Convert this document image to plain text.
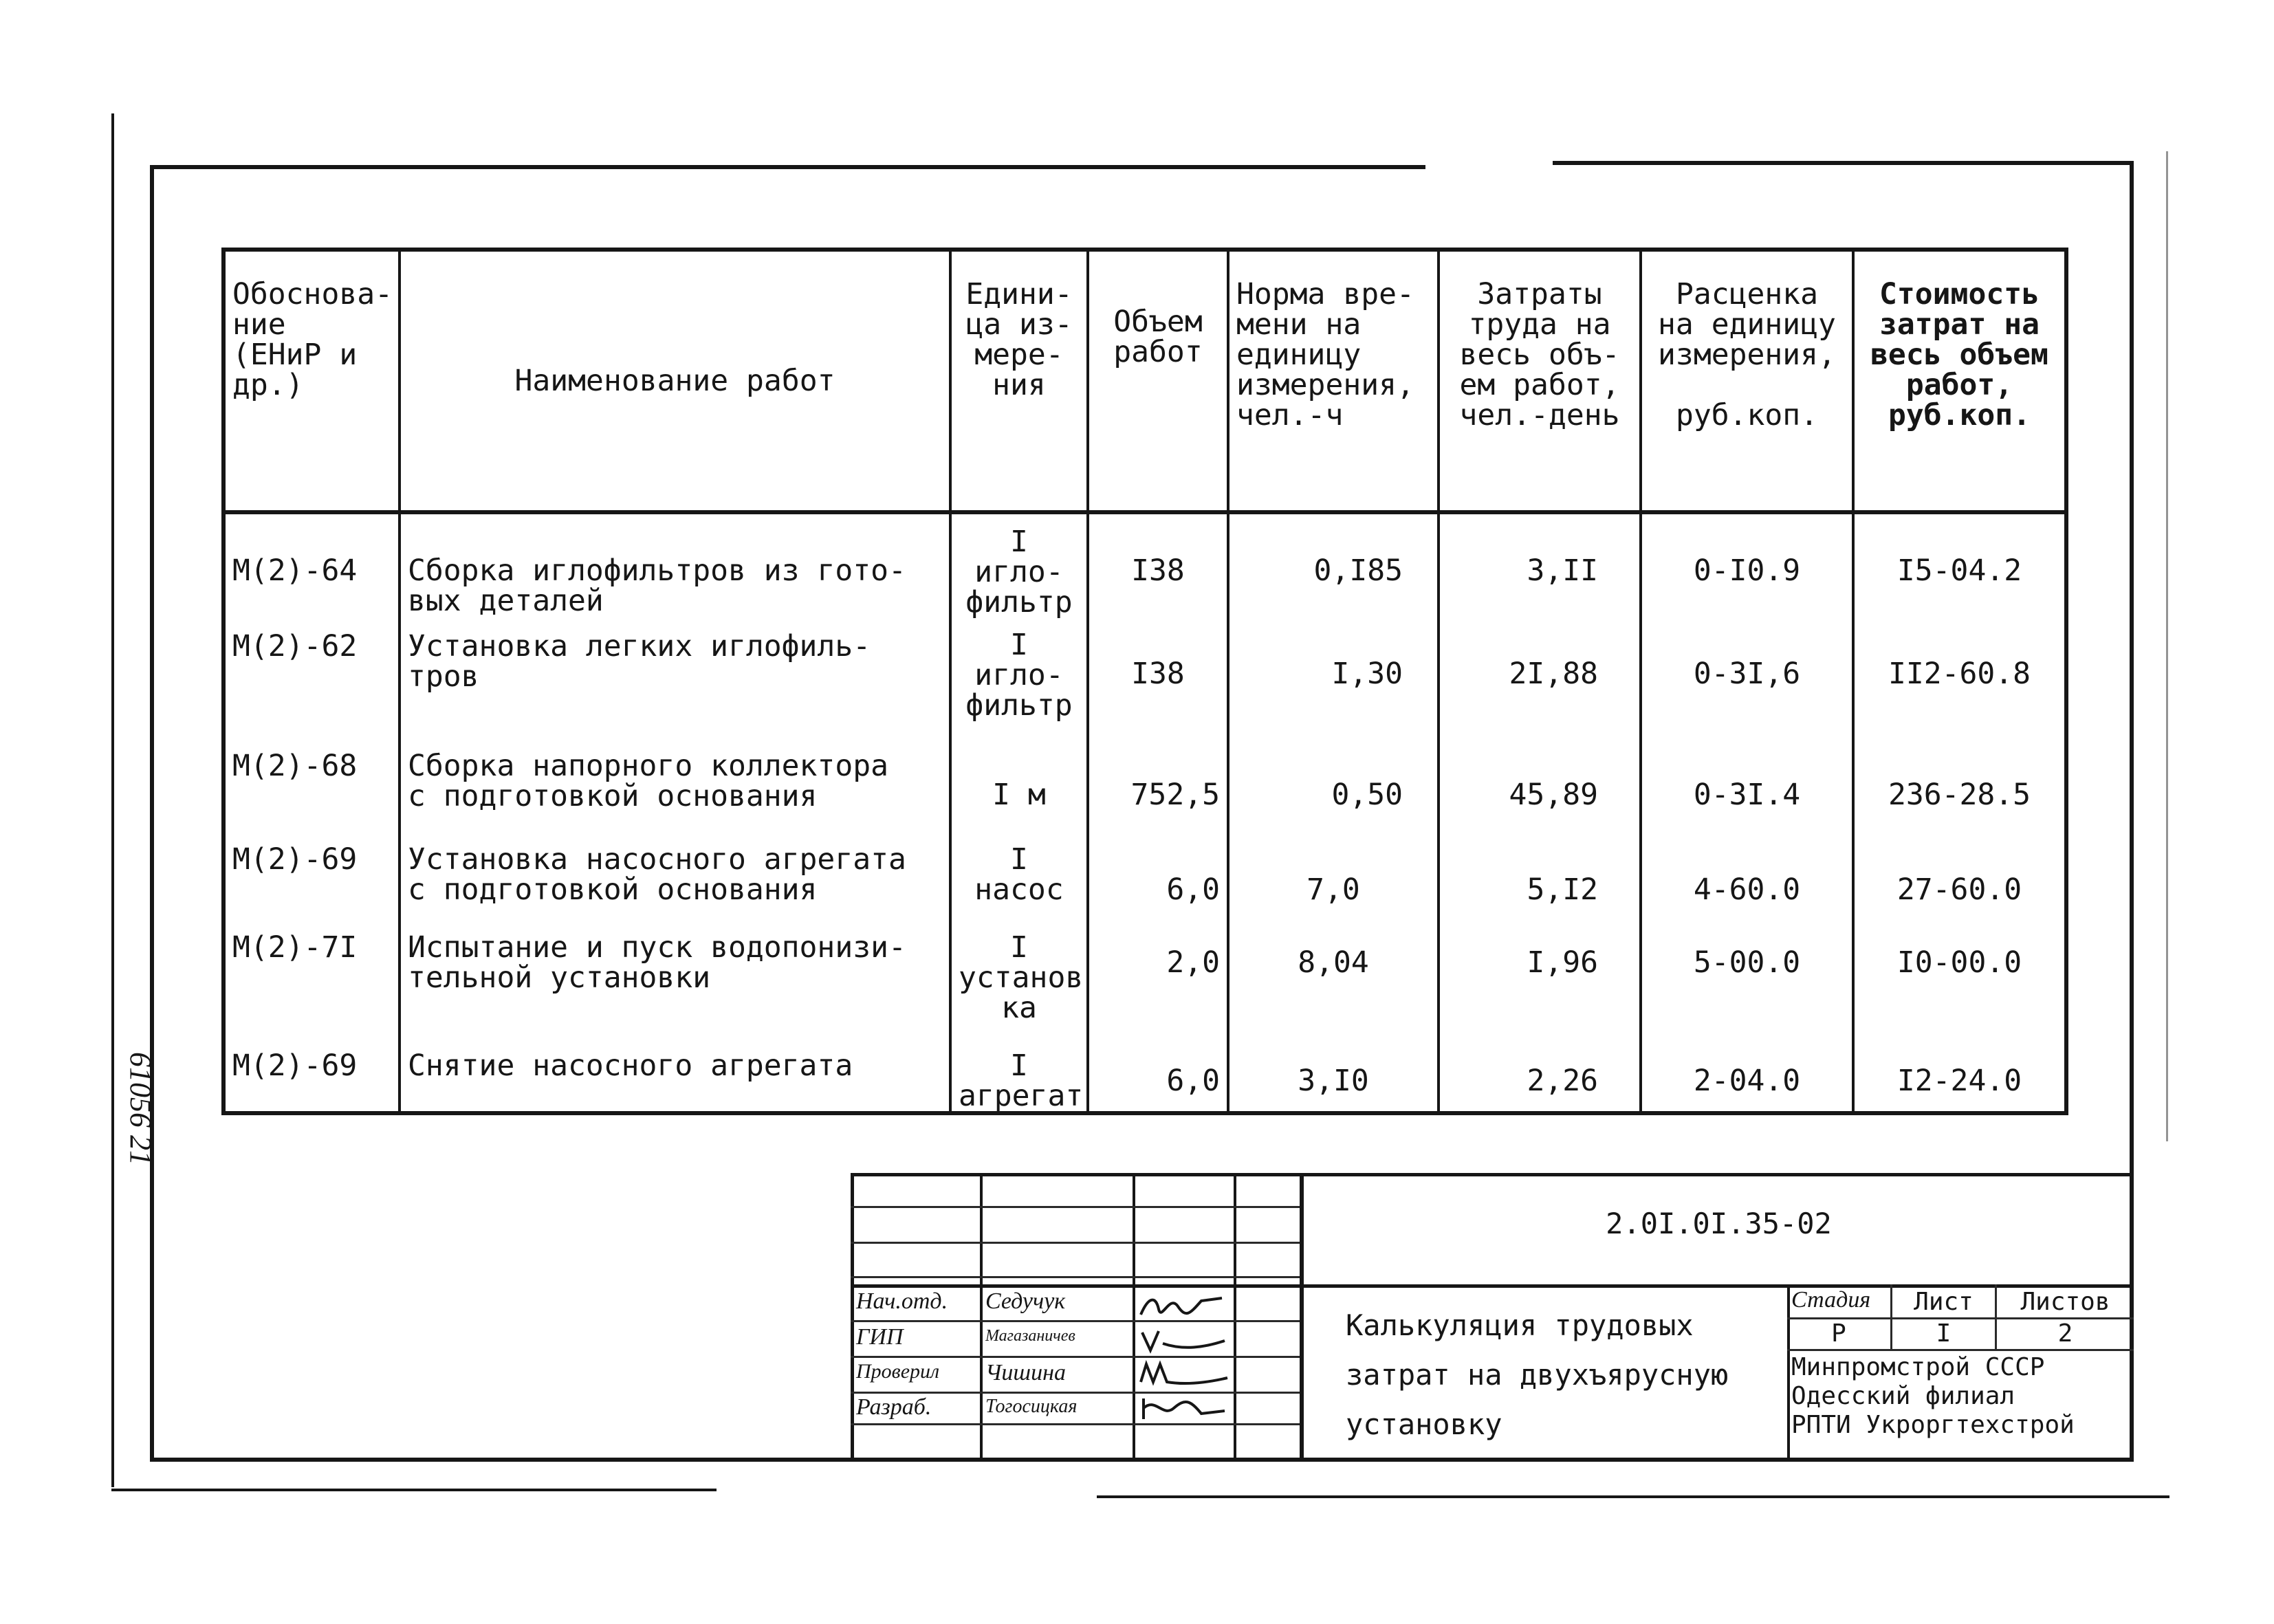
61056 21
Обоснова-
ние
(ЕНиР и
др.)	Наименование работ	Едини-
ца из-
мере-
ния	Объем
работ	Норма вре-
мени на
единицу
измерения,
чел.-ч	Затраты
труда на
весь объ-
ем работ,
чел.-день	Расценка
на единицу
измерения,

руб.коп.	Стоимость
затрат на
весь объем
работ,
руб.коп.
М(2)-64	Сборка иглофильтров из гото-
вых деталей	I
игло-
фильтр	I38	0,I85	3,II	0-I0.9	I5-04.2
М(2)-62	Установка легких иглофиль-
тров	I
игло-
фильтр	I38	I,30	2I,88	0-3I,6	II2-60.8
М(2)-68	Сборка напорного коллектора
с подготовкой основания	I м	752,5	0,50	45,89	0-3I.4	236-28.5
М(2)-69	Установка насосного агрегата
с подготовкой основания	I
насос	6,0	7,0	5,I2	4-60.0	27-60.0
М(2)-7I	Испытание и пуск водопонизи-
тельной установки	I
установ
ка	2,0	8,04	I,96	5-00.0	I0-00.0
М(2)-69	Снятие насосного агрегата	I
агрегат	6,0	3,I0	2,26	2-04.0	I2-24.0
Нач.отд. Седучук
ГИП	Магазаничев
Проверил Чишина
Разраб.	Тогосицкая
2.0I.0I.35-02
Калькуляция трудовых
затрат на двухъярусную
установку
Стадия	Лист	Листов
Р	I	2
Минпромстрой СССР
Одесский филиал
РПТИ Укроргтехстрой
